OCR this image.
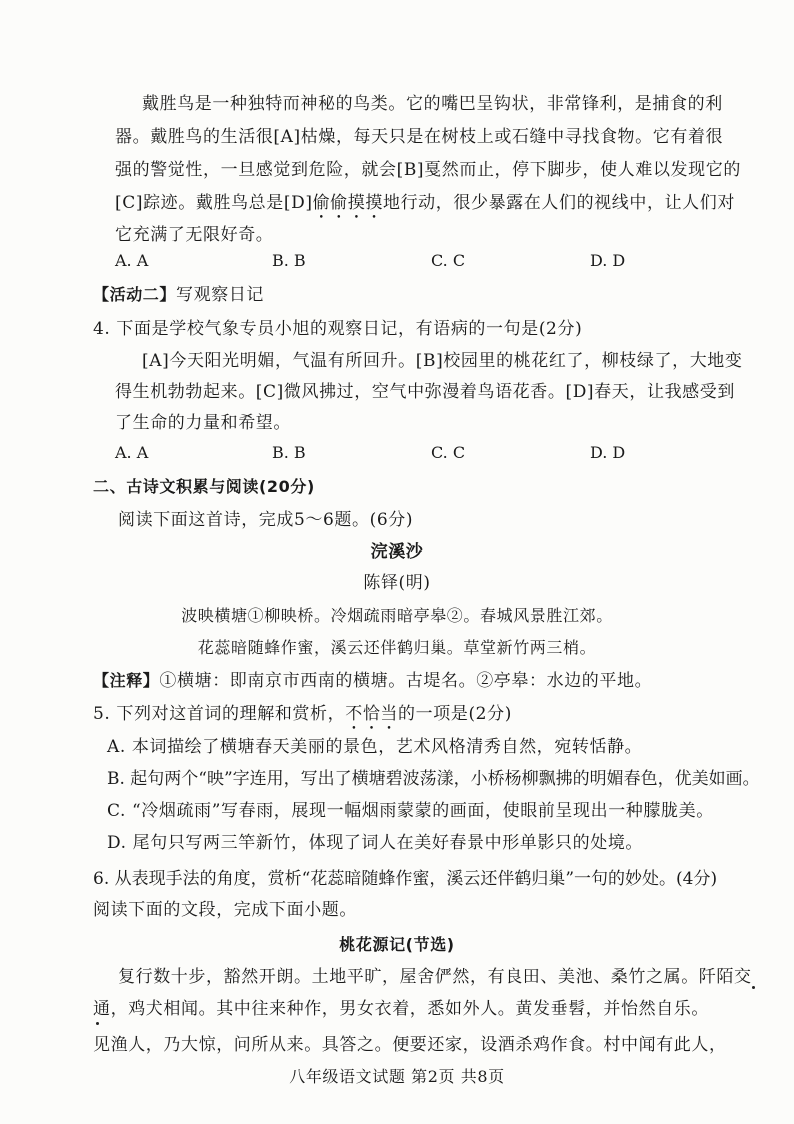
戴胜鸟是一种独特而神秘的鸟类。它的嘴巴呈钩状，非常锋利，是捕食的利
器。戴胜鸟的生活很[A]枯燥，每天只是在树枝上或石缝中寻找食物。它有着很
强的警觉性，一旦感觉到危险，就会[B]戛然而止，停下脚步，使人难以发现它的
[C]踪迹。戴胜鸟总是[D]偷偷摸摸地行动，很少暴露在人们的视线中，让人们对
它充满了无限好奇。
A. A	B. B	C. C	D. D
【活动二】写观察日记
4. 下面是学校气象专员小旭的观察日记，有语病的一句是(2分)
[A]今天阳光明媚，气温有所回升。[B]校园里的桃花红了，柳枝绿了，大地变
得生机勃勃起来。[C]微风拂过，空气中弥漫着鸟语花香。[D]春天，让我感受到
了生命的力量和希望。
A. A	B. B	C. C	D. D
二、古诗文积累与阅读(20分)
阅读下面这首诗，完成5～6题。(6分)
浣溪沙
陈铎(明)
波映横塘①柳映桥。冷烟疏雨暗亭皋②。春城风景胜江郊。
花蕊暗随蜂作蜜，溪云还伴鹤归巢。草堂新竹两三梢。
【注释】①横塘：即南京市西南的横塘。古堤名。②亭皋：水边的平地。
5. 下列对这首词的理解和赏析，不恰当的一项是(2分)
A. 本词描绘了横塘春天美丽的景色，艺术风格清秀自然，宛转恬静。
B. 起句两个“映”字连用，写出了横塘碧波荡漾，小桥杨柳飘拂的明媚春色，优美如画。
C. “冷烟疏雨”写春雨，展现一幅烟雨蒙蒙的画面，使眼前呈现出一种朦胧美。
D. 尾句只写两三竿新竹，体现了词人在美好春景中形单影只的处境。
6. 从表现手法的角度，赏析“花蕊暗随蜂作蜜，溪云还伴鹤归巢”一句的妙处。(4分)
阅读下面的文段，完成下面小题。
桃花源记(节选)
复行数十步，豁然开朗。土地平旷，屋舍俨然，有良田、美池、桑竹之属。阡陌交
通，鸡犬相闻。其中往来种作，男女衣着，悉如外人。黄发垂髫，并怡然自乐。
见渔人，乃大惊，问所从来。具答之。便要还家，设酒杀鸡作食。村中闻有此人，
八年级语文试题 第2页 共8页
